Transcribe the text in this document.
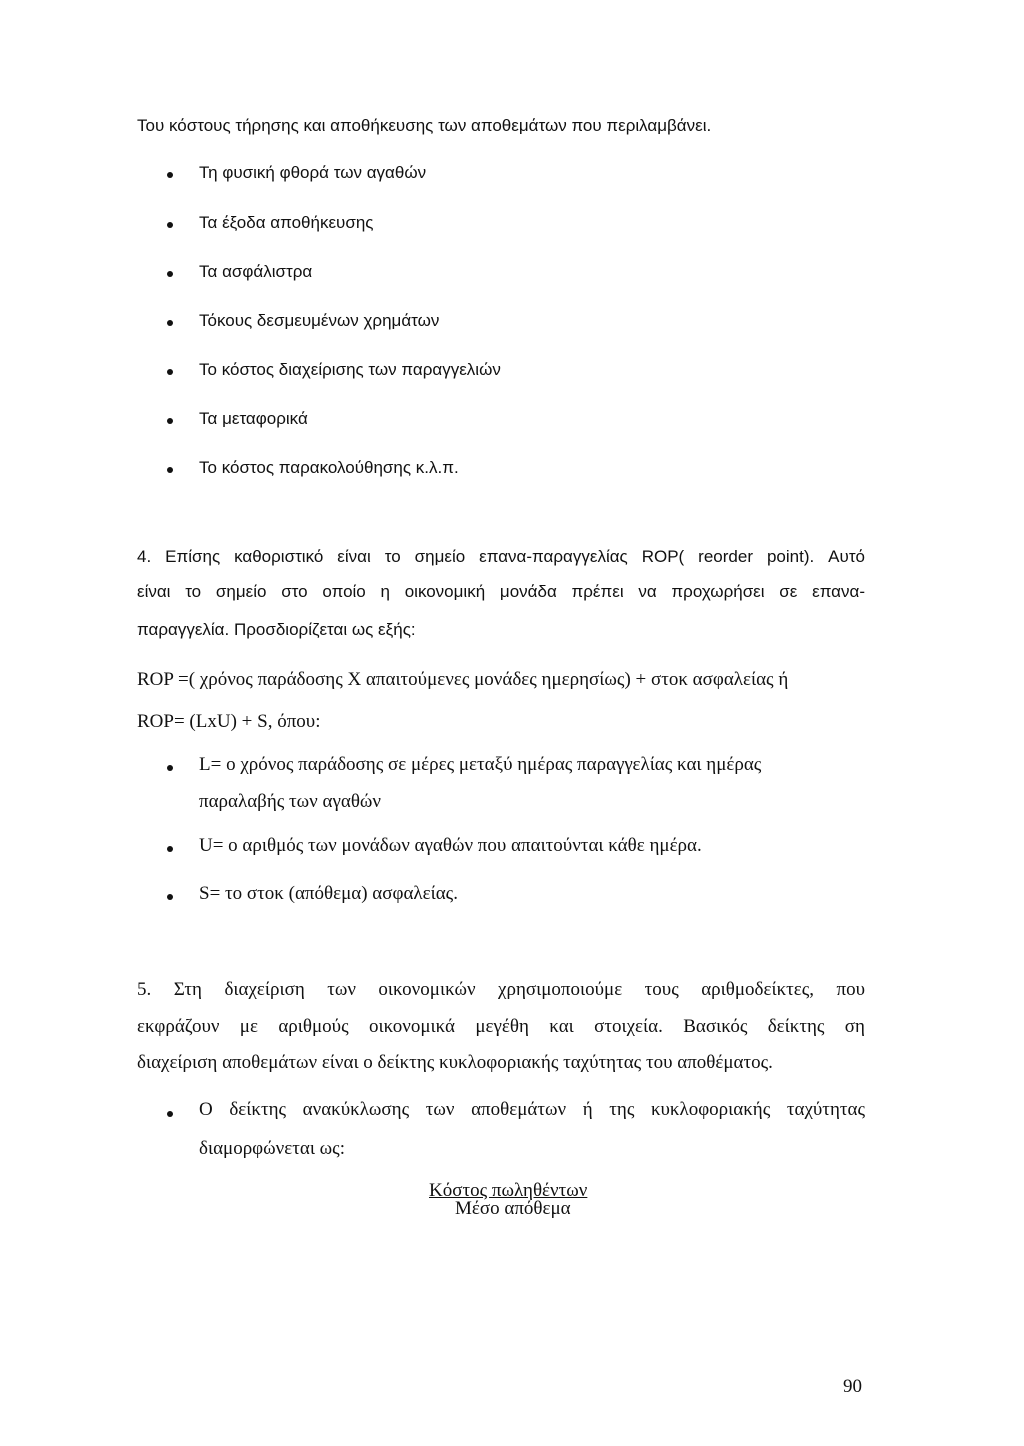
Του κόστους τήρησης και αποθήκευσης των αποθεμάτων που περιλαμβάνει.
Τη φυσική φθορά των αγαθών
Τα έξοδα αποθήκευσης
Τα ασφάλιστρα
Τόκους δεσμευμένων χρημάτων
Το κόστος διαχείρισης των παραγγελιών
Τα μεταφορικά
Το κόστος παρακολούθησης κ.λ.π.
4. Επίσης καθοριστικό είναι το σημείο επανα-παραγγελίας ROP( reorder point). Αυτό
είναι το σημείο στο οποίο η οικονομική μονάδα πρέπει να προχωρήσει σε επανα-
παραγγελία. Προσδιορίζεται ως εξής:
ROP =( χρόνος παράδοσης X απαιτούμενες μονάδες ημερησίως) + στοκ ασφαλείας ή
ROP= (LxU) + S, όπου:
L= ο χρόνος παράδοσης σε μέρες μεταξύ ημέρας παραγγελίας και ημέρας
παραλαβής των αγαθών
U= ο αριθμός των μονάδων αγαθών που απαιτούνται κάθε ημέρα.
S= το στοκ (απόθεμα) ασφαλείας.
5. Στη διαχείριση των οικονομικών χρησιμοποιούμε τους αριθμοδείκτες, που
εκφράζουν με αριθμούς οικονομικά μεγέθη και στοιχεία. Βασικός δείκτης ση
διαχείριση αποθεμάτων είναι ο δείκτης κυκλοφοριακής ταχύτητας του αποθέματος.
Ο δείκτης ανακύκλωσης των αποθεμάτων ή της κυκλοφοριακής ταχύτητας
διαμορφώνεται ως:
Κόστος πωληθέντων
Μέσο απόθεμα
90
